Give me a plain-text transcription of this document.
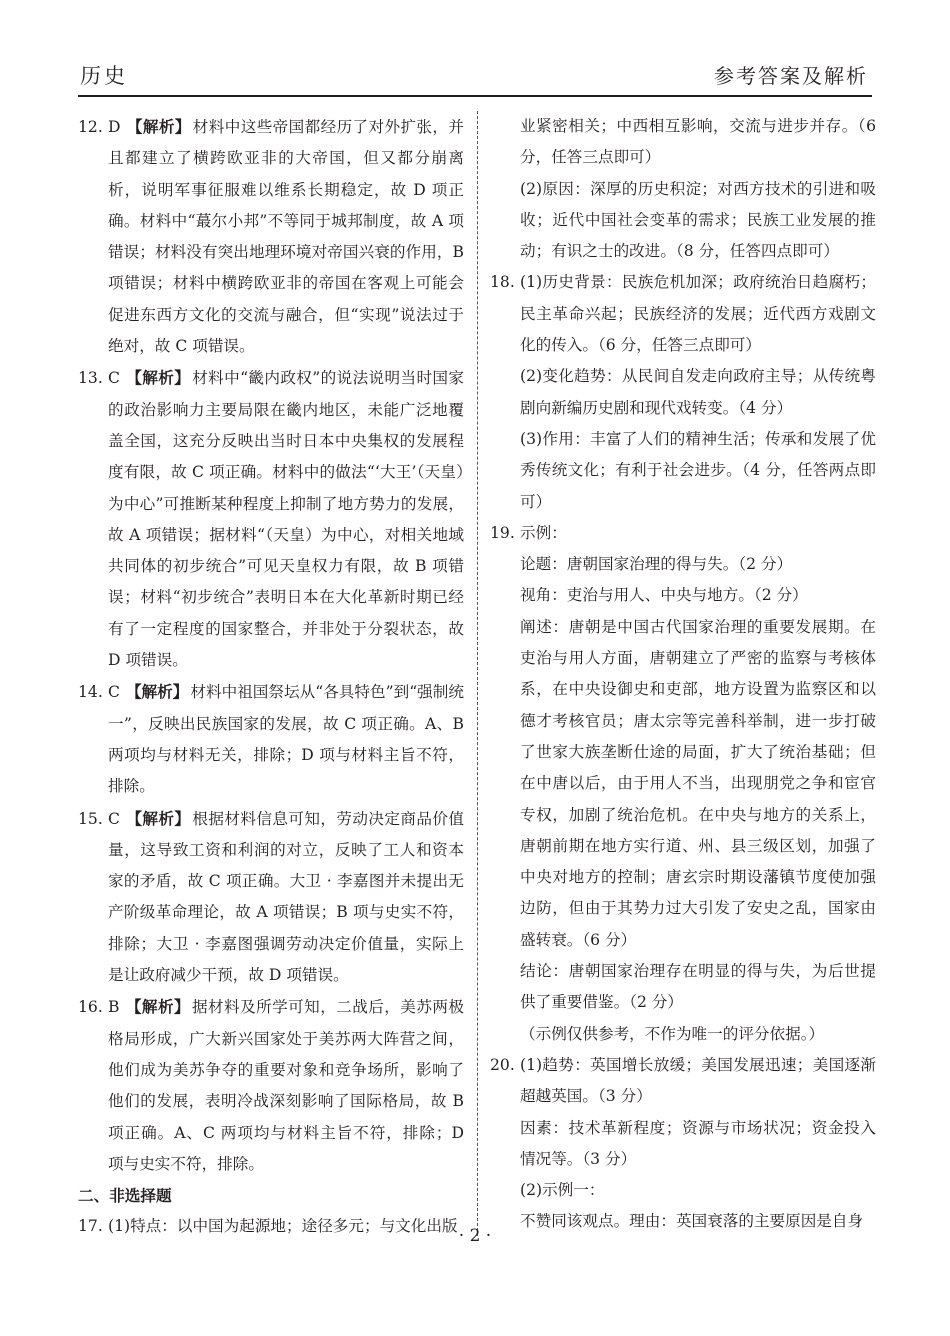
历史	参考答案及解析

12. D 【解析】 材料中这些帝国都经历了对外扩张，并且都建立了横跨欧亚非的大帝国，但又都分崩离析，说明军事征服难以维系长期稳定，故 D 项正确。材料中“蕞尔小邦”不等同于城邦制度，故 A 项错误；材料没有突出地理环境对帝国兴衰的作用，B 项错误；材料中横跨欧亚非的帝国在客观上可能会促进东西方文化的交流与融合，但“实现”说法过于绝对，故 C 项错误。

13. C 【解析】 材料中“畿内政权”的说法说明当时国家的政治影响力主要局限在畿内地区，未能广泛地覆盖全国，这充分反映出当时日本中央集权的发展程度有限，故 C 项正确。材料中的做法“‘大王’（天皇）为中心”可推断某种程度上抑制了地方势力的发展，故 A 项错误；据材料“（天皇）为中心，对相关地域共同体的初步统合”可见天皇权力有限，故 B 项错误；材料“初步统合”表明日本在大化革新时期已经有了一定程度的国家整合，并非处于分裂状态，故 D 项错误。

14. C 【解析】 材料中祖国祭坛从“各具特色”到“强制统一”，反映出民族国家的发展，故 C 项正确。A、B 两项均与材料无关，排除；D 项与材料主旨不符，排除。

15. C 【解析】 根据材料信息可知，劳动决定商品价值量，这导致工资和利润的对立，反映了工人和资本家的矛盾，故 C 项正确。大卫 · 李嘉图并未提出无产阶级革命理论，故 A 项错误；B 项与史实不符，排除；大卫 · 李嘉图强调劳动决定价值量，实际上是让政府减少干预，故 D 项错误。

16. B 【解析】 据材料及所学可知，二战后，美苏两极格局形成，广大新兴国家处于美苏两大阵营之间，他们成为美苏争夺的重要对象和竞争场所，影响了他们的发展，表明冷战深刻影响了国际格局，故 B 项正确。A、C 两项均与材料主旨不符，排除；D 项与史实不符，排除。

二、非选择题

17. (1)特点：以中国为起源地；途径多元；与文化出版

业紧密相关；中西相互影响，交流与进步并存。（6 分，任答三点即可）

(2)原因：深厚的历史积淀；对西方技术的引进和吸收；近代中国社会变革的需求；民族工业发展的推动；有识之士的改进。（8 分，任答四点即可）

18. (1)历史背景：民族危机加深；政府统治日趋腐朽；民主革命兴起；民族经济的发展；近代西方戏剧文化的传入。（6 分，任答三点即可）

(2)变化趋势：从民间自发走向政府主导；从传统粤剧向新编历史剧和现代戏转变。（4 分）

(3)作用：丰富了人们的精神生活；传承和发展了优秀传统文化；有利于社会进步。（4 分，任答两点即可）

19. 示例：

论题：唐朝国家治理的得与失。（2 分）

视角：吏治与用人、中央与地方。（2 分）

阐述：唐朝是中国古代国家治理的重要发展期。在吏治与用人方面，唐朝建立了严密的监察与考核体系，在中央设御史和吏部，地方设置为监察区和以德才考核官员；唐太宗等完善科举制，进一步打破了世家大族垄断仕途的局面，扩大了统治基础；但在中唐以后，由于用人不当，出现朋党之争和宦官专权，加剧了统治危机。在中央与地方的关系上，唐朝前期在地方实行道、州、县三级区划，加强了中央对地方的控制；唐玄宗时期设藩镇节度使加强边防，但由于其势力过大引发了安史之乱，国家由盛转衰。（6 分）

结论：唐朝国家治理存在明显的得与失，为后世提供了重要借鉴。（2 分）

（示例仅供参考，不作为唯一的评分依据。）

20. (1)趋势：英国增长放缓；美国发展迅速；美国逐渐超越英国。（3 分）

因素：技术革新程度；资源与市场状况；资金投入情况等。（3 分）

(2)示例一：

不赞同该观点。理由：英国衰落的主要原因是自身

· 2 ·
